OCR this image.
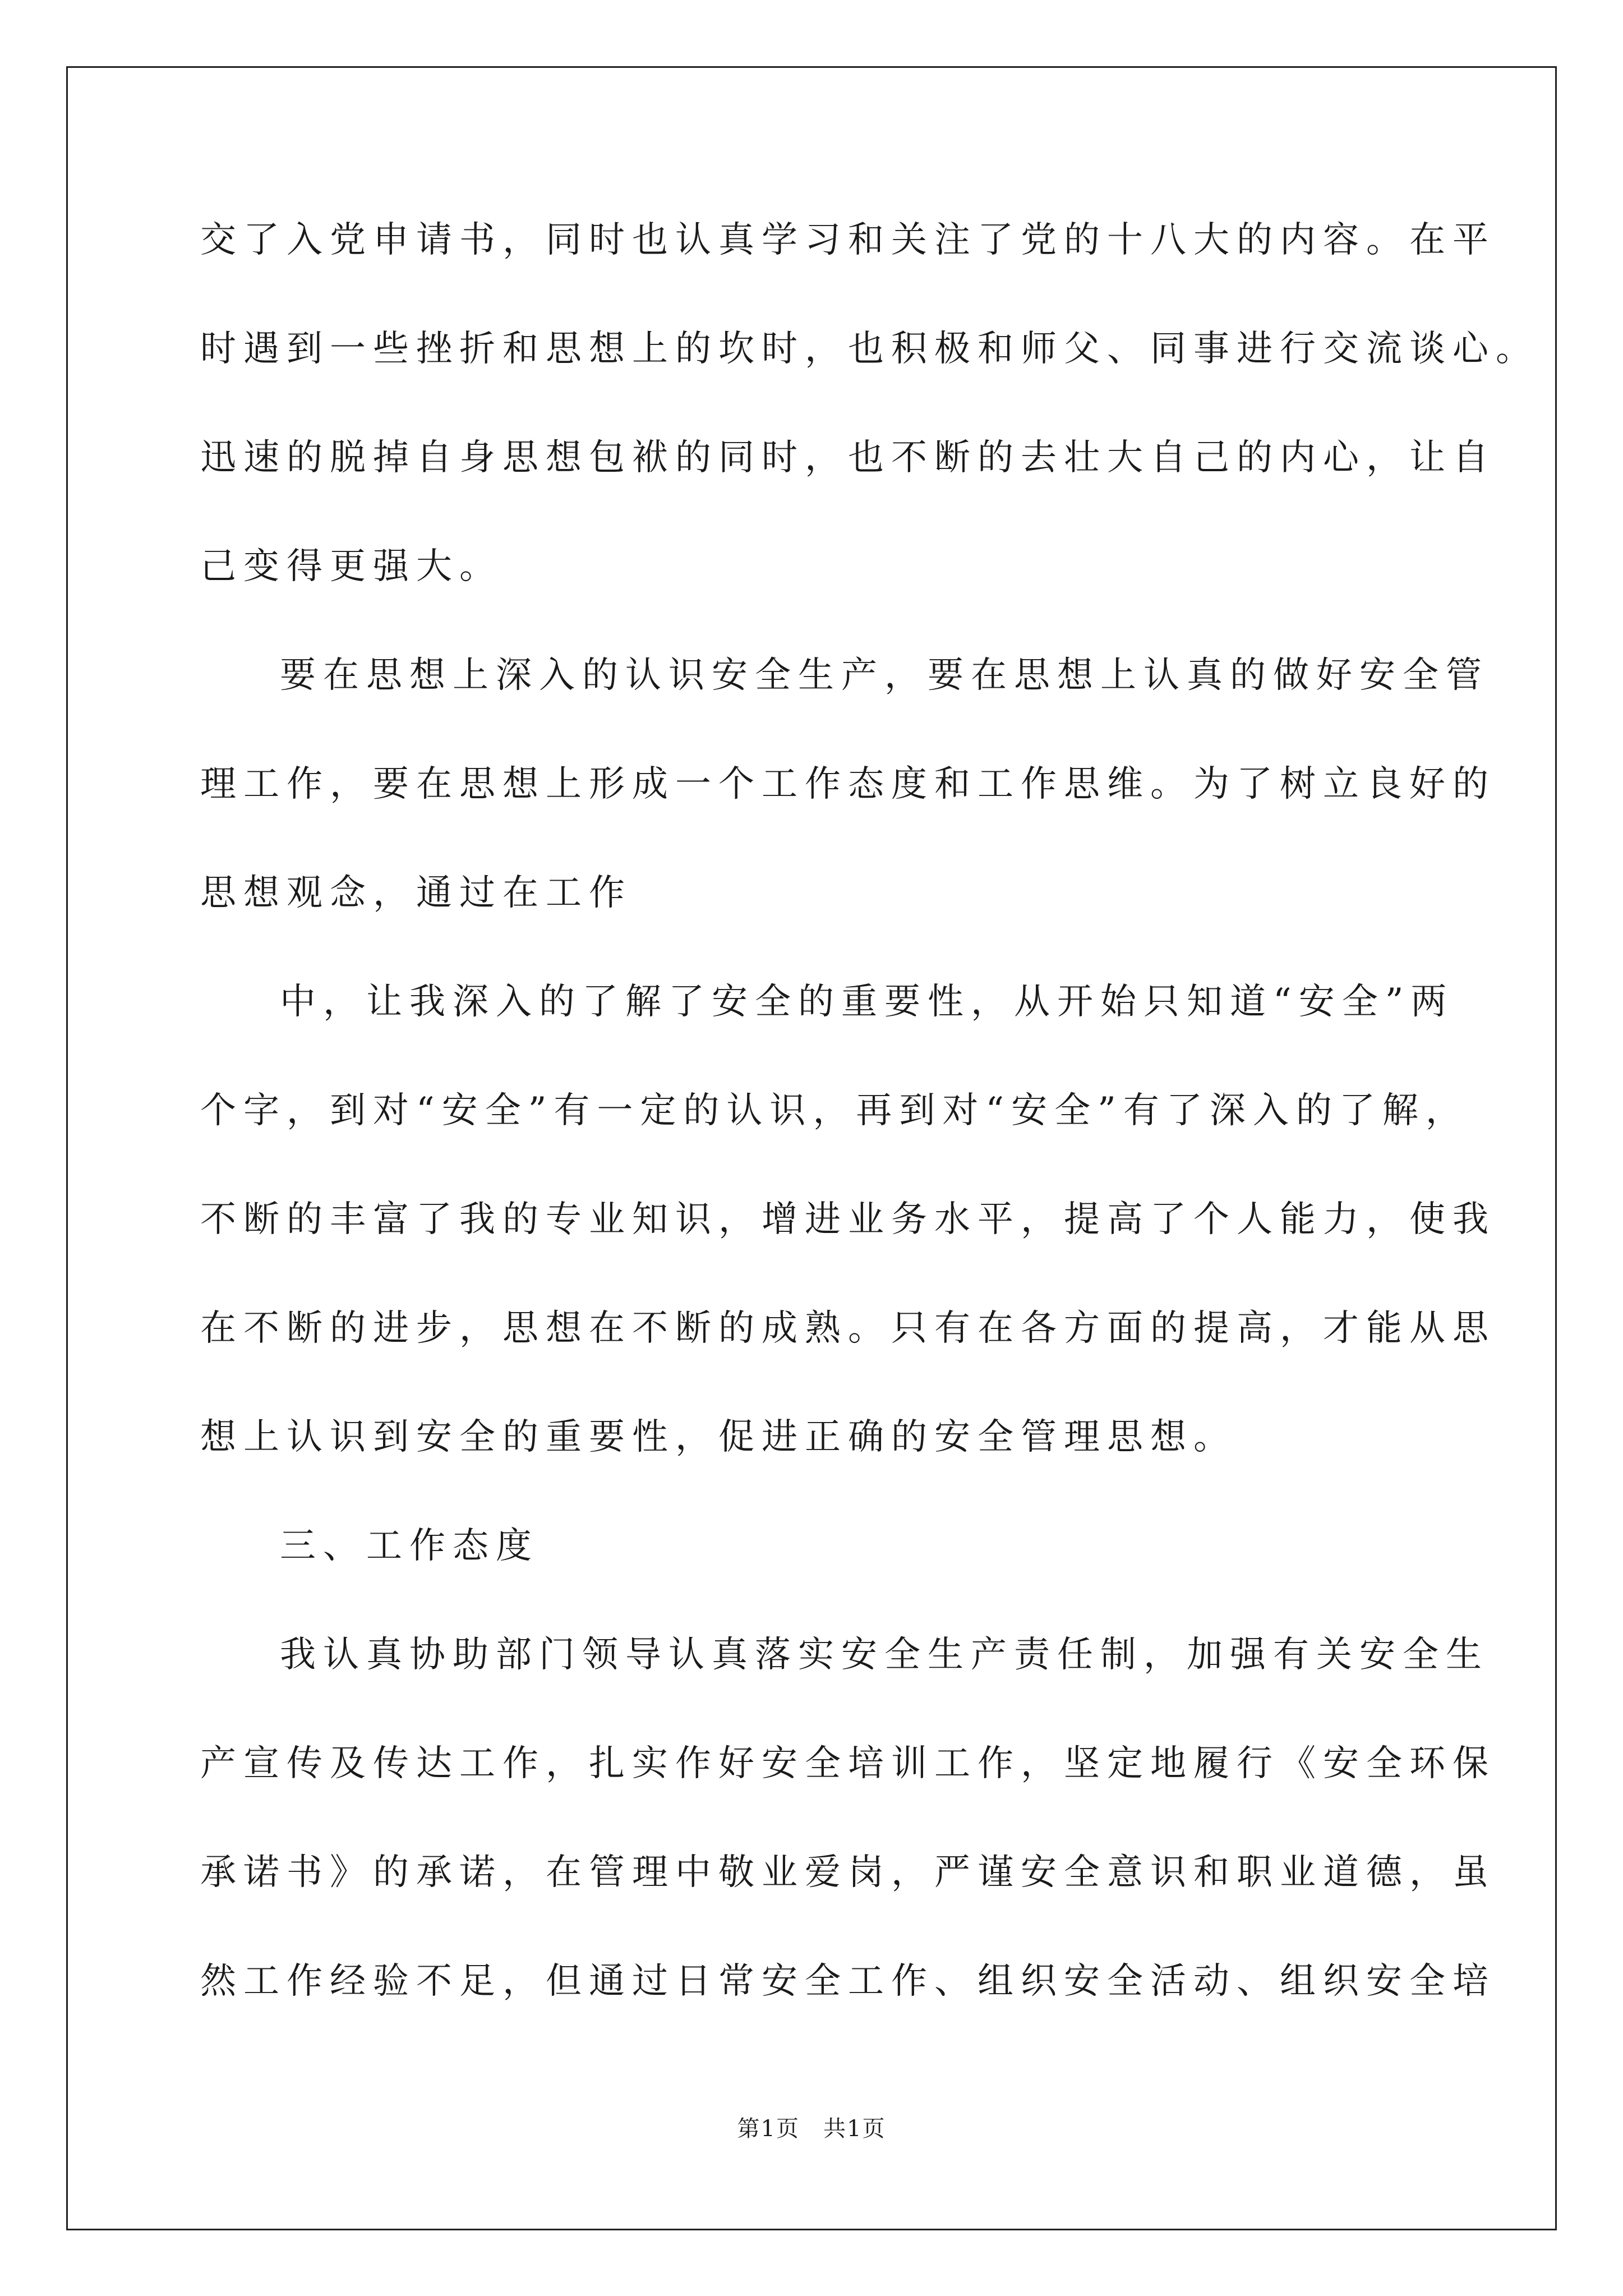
交了入党申请书，同时也认真学习和关注了党的十八大的内容。在平
时遇到一些挫折和思想上的坎时，也积极和师父、同事进行交流谈心。
迅速的脱掉自身思想包袱的同时，也不断的去壮大自己的内心，让自
己变得更强大。
要在思想上深入的认识安全生产，要在思想上认真的做好安全管
理工作，要在思想上形成一个工作态度和工作思维。为了树立良好的
思想观念，通过在工作
中，让我深入的了解了安全的重要性，从开始只知道“安全”两
个字，到对“安全”有一定的认识，再到对“安全”有了深入的了解，
不断的丰富了我的专业知识，增进业务水平，提高了个人能力，使我
在不断的进步，思想在不断的成熟。只有在各方面的提高，才能从思
想上认识到安全的重要性，促进正确的安全管理思想。
三、工作态度
我认真协助部门领导认真落实安全生产责任制，加强有关安全生
产宣传及传达工作，扎实作好安全培训工作，坚定地履行《安全环保
承诺书》的承诺，在管理中敬业爱岗，严谨安全意识和职业道德，虽
然工作经验不足，但通过日常安全工作、组织安全活动、组织安全培
第1页　共1页
